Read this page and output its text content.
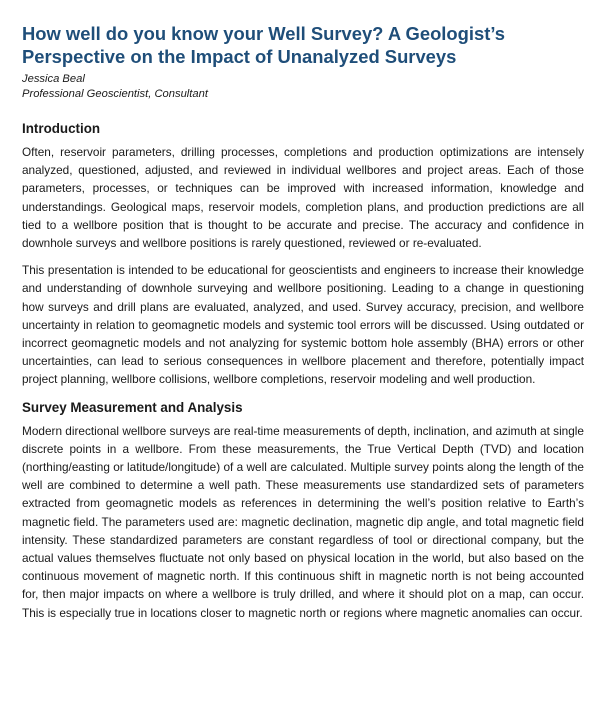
How well do you know your Well Survey? A Geologist’s Perspective on the Impact of Unanalyzed Surveys

Jessica Beal

Professional Geoscientist, Consultant

Introduction

Often, reservoir parameters, drilling processes, completions and production optimizations are intensely analyzed, questioned, adjusted, and reviewed in individual wellbores and project areas. Each of those parameters, processes, or techniques can be improved with increased information, knowledge and understandings. Geological maps, reservoir models, completion plans, and production predictions are all tied to a wellbore position that is thought to be accurate and precise. The accuracy and confidence in downhole surveys and wellbore positions is rarely questioned, reviewed or re-evaluated.

This presentation is intended to be educational for geoscientists and engineers to increase their knowledge and understanding of downhole surveying and wellbore positioning. Leading to a change in questioning how surveys and drill plans are evaluated, analyzed, and used. Survey accuracy, precision, and wellbore uncertainty in relation to geomagnetic models and systemic tool errors will be discussed. Using outdated or incorrect geomagnetic models and not analyzing for systemic bottom hole assembly (BHA) errors or other uncertainties, can lead to serious consequences in wellbore placement and therefore, potentially impact project planning, wellbore collisions, wellbore completions, reservoir modeling and well production.

Survey Measurement and Analysis

Modern directional wellbore surveys are real-time measurements of depth, inclination, and azimuth at single discrete points in a wellbore. From these measurements, the True Vertical Depth (TVD) and location (northing/easting or latitude/longitude) of a well are calculated. Multiple survey points along the length of the well are combined to determine a well path. These measurements use standardized sets of parameters extracted from geomagnetic models as references in determining the well’s position relative to Earth’s magnetic field. The parameters used are: magnetic declination, magnetic dip angle, and total magnetic field intensity. These standardized parameters are constant regardless of tool or directional company, but the actual values themselves fluctuate not only based on physical location in the world, but also based on the continuous movement of magnetic north. If this continuous shift in magnetic north is not being accounted for, then major impacts on where a wellbore is truly drilled, and where it should plot on a map, can occur. This is especially true in locations closer to magnetic north or regions where magnetic anomalies can occur.
